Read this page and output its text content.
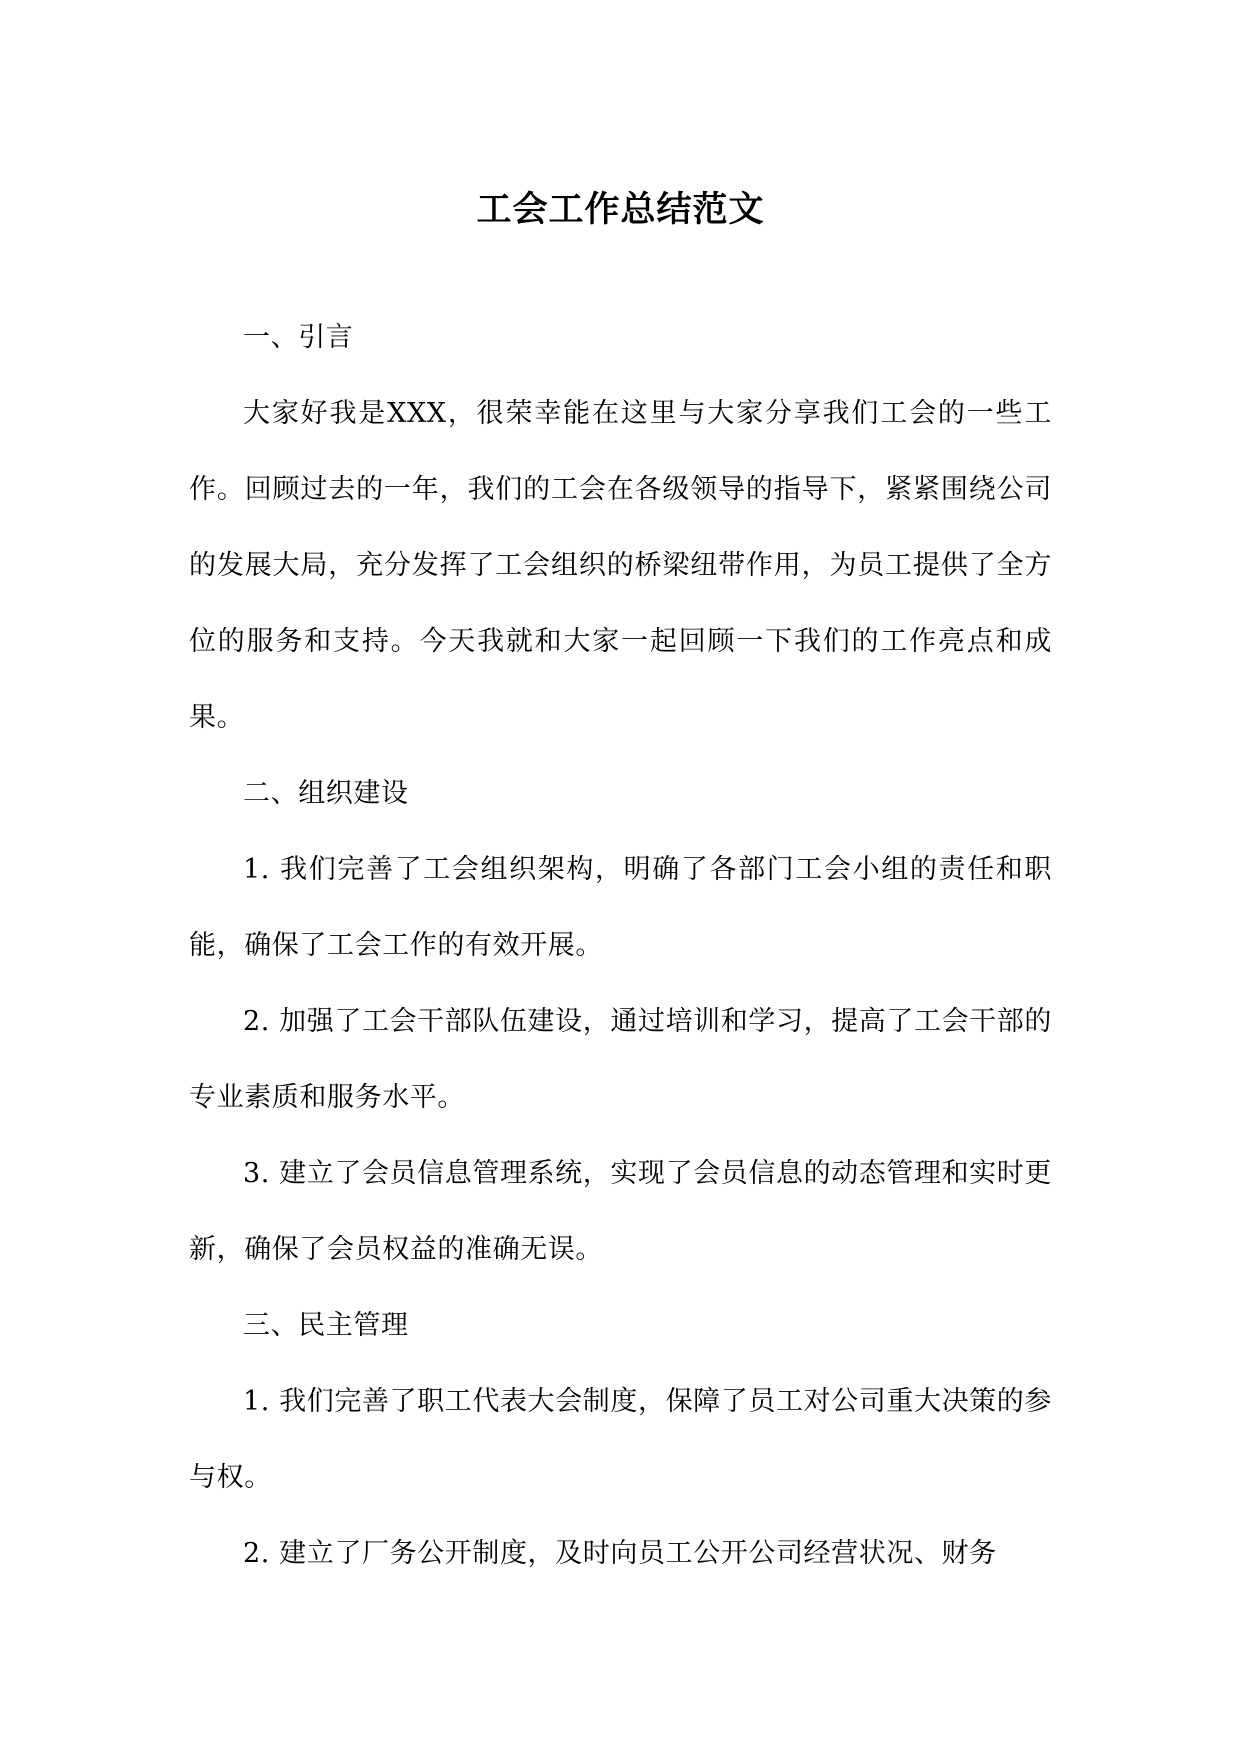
工会工作总结范文

一、引言

大家好我是XXX，很荣幸能在这里与大家分享我们工会的一些工作。回顾过去的一年，我们的工会在各级领导的指导下，紧紧围绕公司的发展大局，充分发挥了工会组织的桥梁纽带作用，为员工提供了全方位的服务和支持。今天我就和大家一起回顾一下我们的工作亮点和成果。

二、组织建设

1. 我们完善了工会组织架构，明确了各部门工会小组的责任和职能，确保了工会工作的有效开展。

2. 加强了工会干部队伍建设，通过培训和学习，提高了工会干部的专业素质和服务水平。

3. 建立了会员信息管理系统，实现了会员信息的动态管理和实时更新，确保了会员权益的准确无误。

三、民主管理

1. 我们完善了职工代表大会制度，保障了员工对公司重大决策的参与权。

2. 建立了厂务公开制度，及时向员工公开公司经营状况、财务
